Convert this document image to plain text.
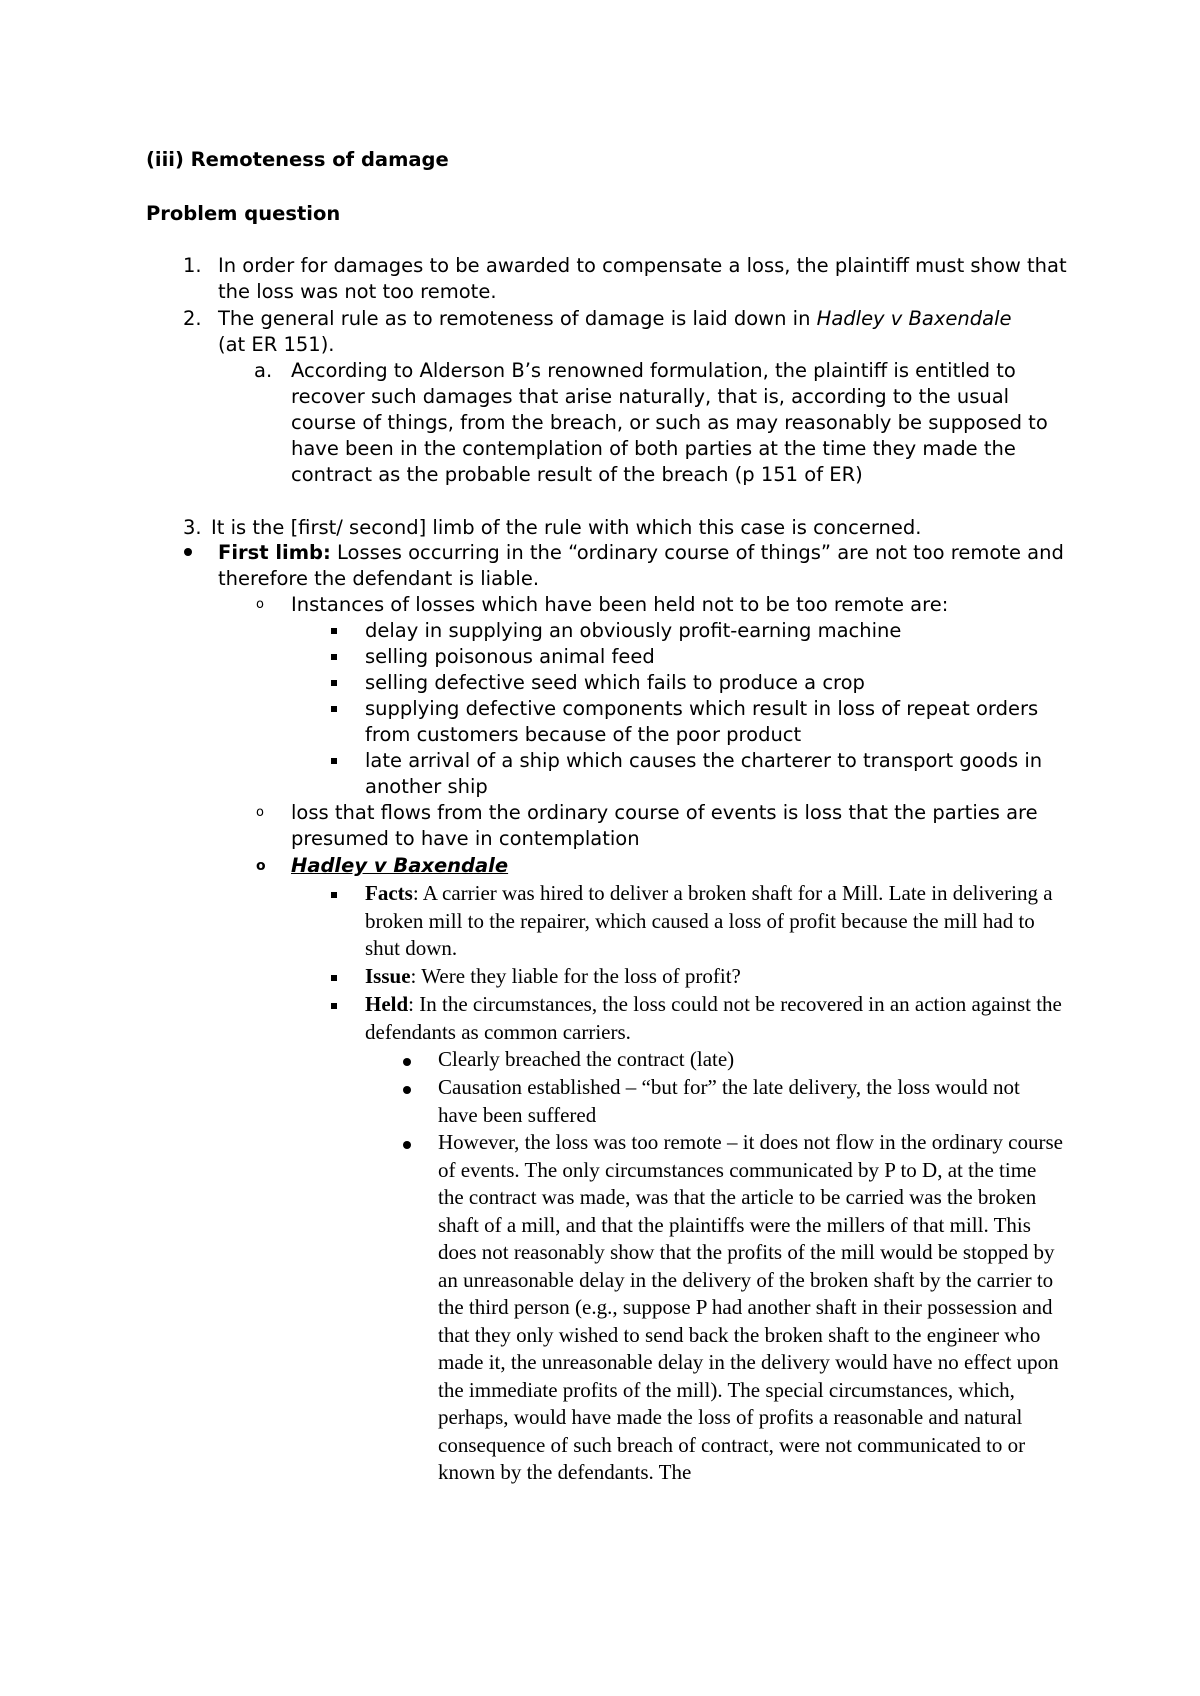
(iii) Remoteness of damage
Problem question
1. In order for damages to be awarded to compensate a loss, the plaintiff must show that the loss was not too remote.
2. The general rule as to remoteness of damage is laid down in Hadley v Baxendale (at ER 151).
a. According to Alderson B’s renowned formulation, the plaintiff is entitled to recover such damages that arise naturally, that is, according to the usual course of things, from the breach, or such as may reasonably be supposed to have been in the contemplation of both parties at the time they made the contract as the probable result of the breach (p 151 of ER)
3. It is the [first/ second] limb of the rule with which this case is concerned.
First limb: Losses occurring in the “ordinary course of things” are not too remote and therefore the defendant is liable.
o Instances of losses which have been held not to be too remote are:
delay in supplying an obviously profit-earning machine
selling poisonous animal feed
selling defective seed which fails to produce a crop
supplying defective components which result in loss of repeat orders from customers because of the poor product
late arrival of a ship which causes the charterer to transport goods in another ship
o loss that flows from the ordinary course of events is loss that the parties are presumed to have in contemplation
o Hadley v Baxendale
Facts: A carrier was hired to deliver a broken shaft for a Mill. Late in delivering a broken mill to the repairer, which caused a loss of profit because the mill had to shut down.
Issue: Were they liable for the loss of profit?
Held: In the circumstances, the loss could not be recovered in an action against the defendants as common carriers.
Clearly breached the contract (late)
Causation established – “but for” the late delivery, the loss would not have been suffered
However, the loss was too remote – it does not flow in the ordinary course of events. The only circumstances communicated by P to D, at the time the contract was made, was that the article to be carried was the broken shaft of a mill, and that the plaintiffs were the millers of that mill. This does not reasonably show that the profits of the mill would be stopped by an unreasonable delay in the delivery of the broken shaft by the carrier to the third person (e.g., suppose P had another shaft in their possession and that they only wished to send back the broken shaft to the engineer who made it, the unreasonable delay in the delivery would have no effect upon the immediate profits of the mill). The special circumstances, which, perhaps, would have made the loss of profits a reasonable and natural consequence of such breach of contract, were not communicated to or known by the defendants. The
